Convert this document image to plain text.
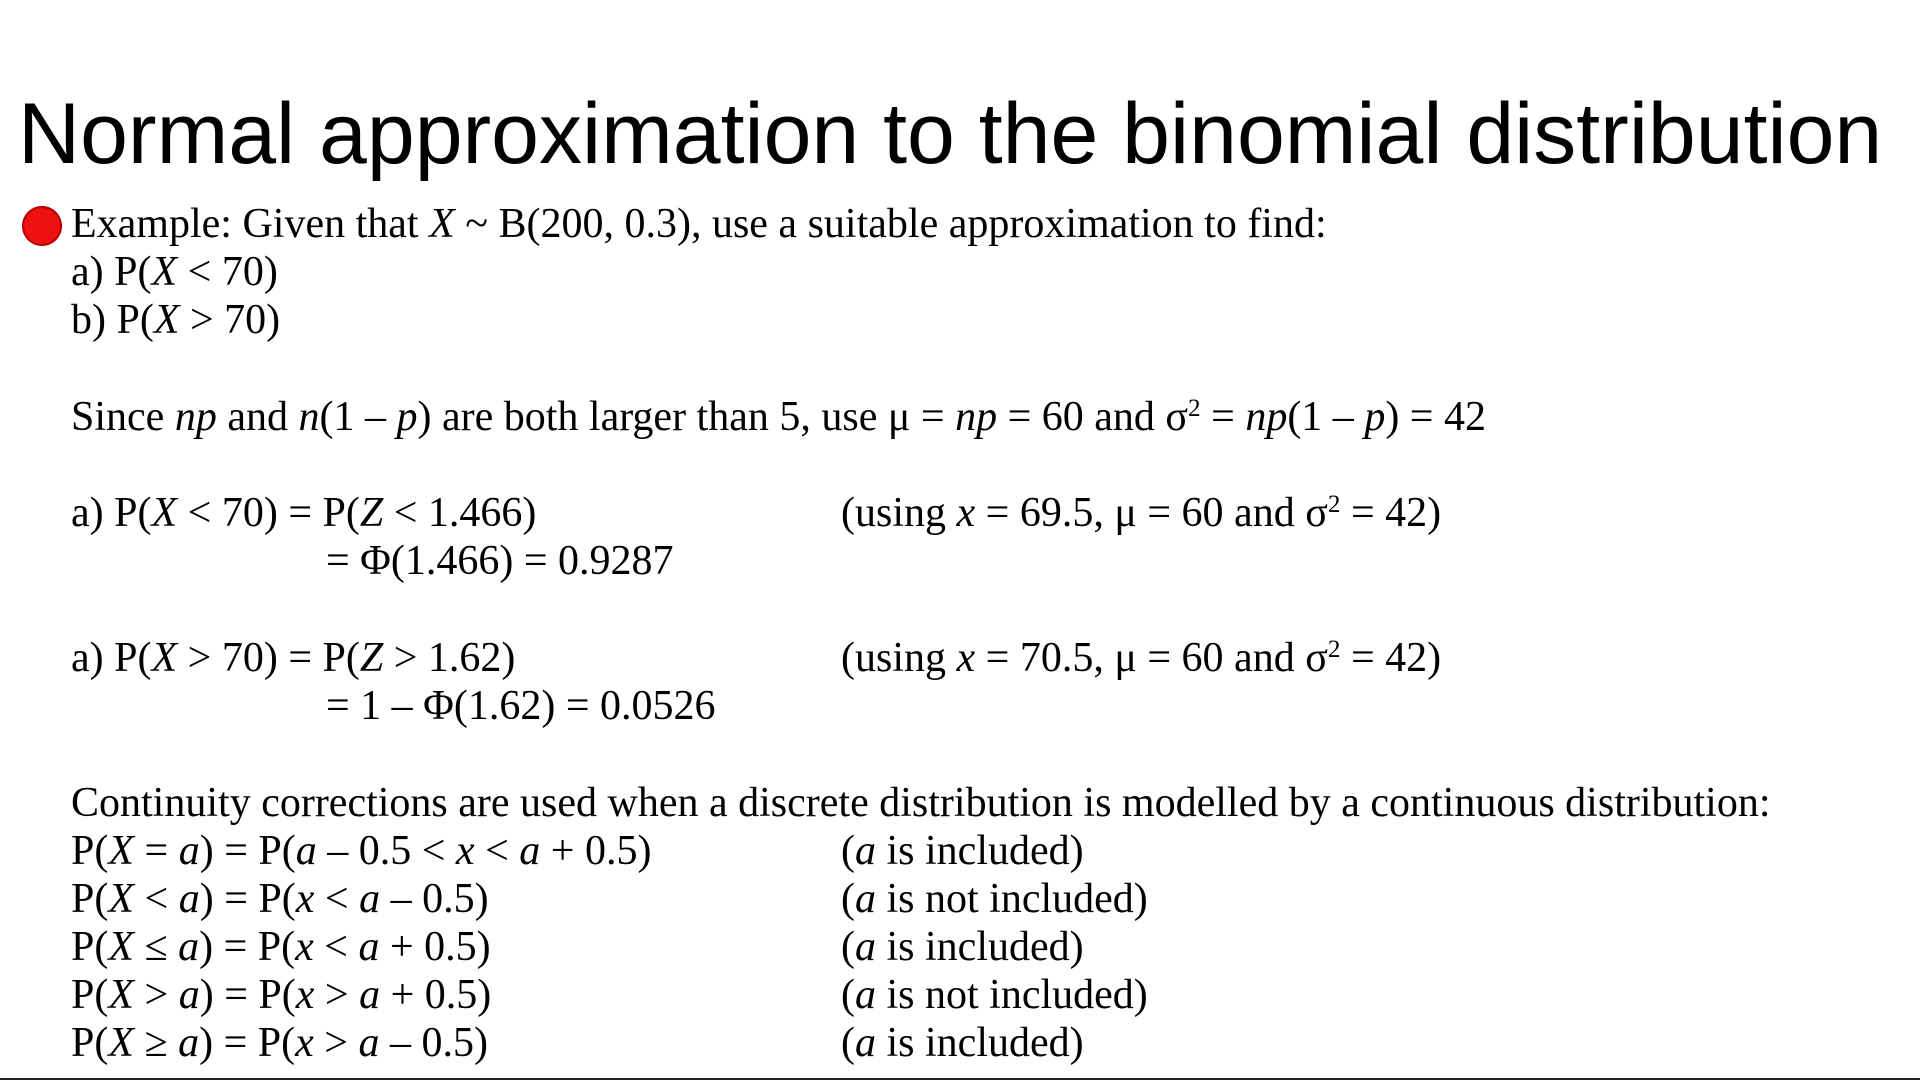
Normal approximation to the binomial distribution
Example: Given that X ~ B(200, 0.3), use a suitable approximation to find:
a) P(X < 70)
b) P(X > 70)
Since np and n(1 – p) are both larger than 5, use μ = np = 60 and $\sigma^2 = np(1 - p) = 42$
a) P(X < 70) = P(Z < 1.466)	(using x = 69.5, μ = 60 and $\sigma^2 = 42$)
= Φ(1.466) = 0.9287
a) P(X > 70) = P(Z > 1.62)	(using x = 70.5, μ = 60 and $\sigma^2 = 42$)
= 1 – Φ(1.62) = 0.0526
Continuity corrections are used when a discrete distribution is modelled by a continuous distribution:
P(X = a) = P(a – 0.5 < x < a + 0.5)	(a is included)
P(X < a) = P(x < a – 0.5)	(a is not included)
P(X ≤ a) = P(x < a + 0.5)	(a is included)
P(X > a) = P(x > a + 0.5)	(a is not included)
P(X ≥ a) = P(x > a – 0.5)	(a is included)
